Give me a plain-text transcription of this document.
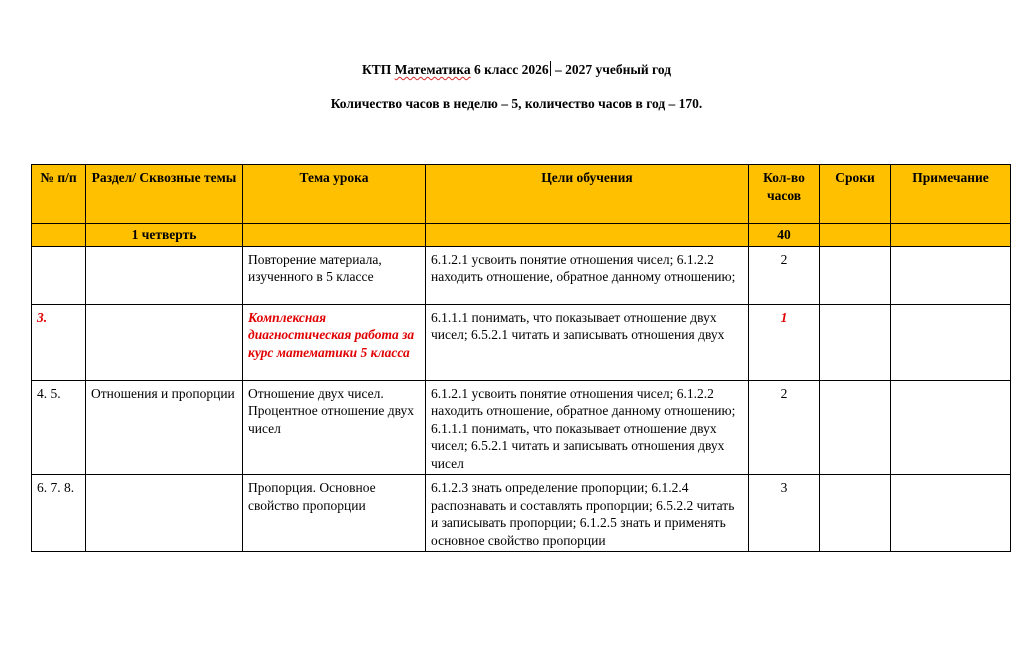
КТП Математика 6 класс 2026 – 2027 учебный год
Количество часов в неделю – 5, количество часов в год – 170.
№ п/п	Раздел/ Сквозные темы	Тема урока	Цели обучения	Кол-во часов	Сроки	Примечание
	1 четверть			40		
		Повторение материала, изученного в 5 классе	6.1.2.1 усвоить понятие отношения чисел; 6.1.2.2 находить отношение, обратное данному отношению;	2		
3.		Комплексная диагностическая работа за курс математики 5 класса	6.1.1.1 понимать, что показывает отношение двух чисел; 6.5.2.1 читать и записывать отношения двух	1		
4. 5.	Отношения и пропорции	Отношение двух чисел. Процентное отношение двух чисел	6.1.2.1 усвоить понятие отношения чисел; 6.1.2.2 находить отношение, обратное данному отношению; 6.1.1.1 понимать, что показывает отношение двух чисел; 6.5.2.1 читать и записывать отношения двух чисел	2		
6. 7. 8.		Пропорция. Основное свойство пропорции	6.1.2.3 знать определение пропорции; 6.1.2.4 распознавать и составлять пропорции; 6.5.2.2 читать и записывать пропорции; 6.1.2.5 знать и применять основное свойство пропорции	3		
